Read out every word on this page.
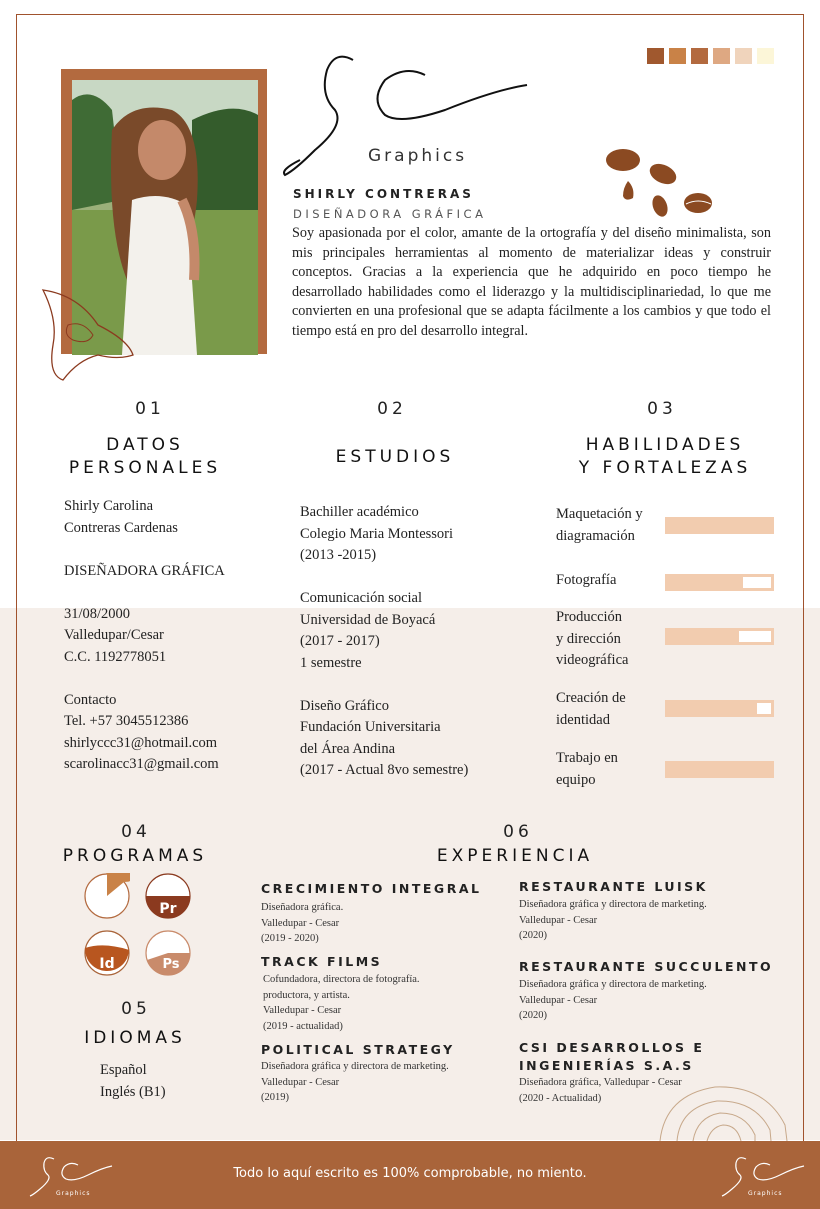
Graphics
SHIRLY CONTRERAS
DISEÑADORA GRÁFICA
Soy apasionada por el color, amante de la ortografía y del diseño minimalista, son mis principales herramientas al momento de materializar ideas y construir conceptos. Gracias a la experiencia que he adquirido en poco tiempo he desarrollado habilidades como el liderazgo y la multidisciplinariedad, lo que me convierten en una profesional que se adapta fácilmente a los cambios y que todo el tiempo está en pro del desarrollo integral.
01
DATOS
PERSONALES

Shirly Carolina

Contreras Cardenas

DISEÑADORA GRÁFICA

31/08/2000

Valledupar/Cesar

C.C. 1192778051

Contacto

Tel. +57 3045512386

shirlyccc31@hotmail.com

scarolinacc31@gmail.com

02
ESTUDIOS

Bachiller académico

Colegio Maria Montessori

(2013 -2015)

Comunicación social

Universidad de Boyacá

(2017 - 2017)

1 semestre

Diseño Gráfico

Fundación Universitaria

del Área Andina

(2017 - Actual 8vo semestre)

03
HABILIDADES
Y FORTALEZAS
Maquetación y
diagramación
Fotografía
Producción
y dirección
videográfica
Creación de
identidad
Trabajo en
equipo
04
PROGRAMAS
Ai	Pr
Id	Ps
05
IDIOMAS
Español
Inglés (B1)
06
EXPERIENCIA
CRECIMIENTO INTEGRAL

Diseñadora gráfica.

Valledupar - Cesar

(2019 - 2020)

TRACK FILMS

Cofundadora, directora de fotografía.

productora, y artista.

Valledupar - Cesar

(2019 - actualidad)

POLITICAL STRATEGY

Diseñadora gráfica y directora de marketing.

Valledupar - Cesar

(2019)

RESTAURANTE LUISK

Diseñadora gráfica y directora de marketing.

Valledupar - Cesar

(2020)

RESTAURANTE SUCCULENTO

Diseñadora gráfica y directora de marketing.

Valledupar - Cesar

(2020)

CSI DESARROLLOS E
INGENIERÍAS S.A.S

Diseñadora gráfica, Valledupar - Cesar

(2020 - Actualidad)

Graphics
Todo lo aquí escrito es 100% comprobable, no miento.
Graphics
